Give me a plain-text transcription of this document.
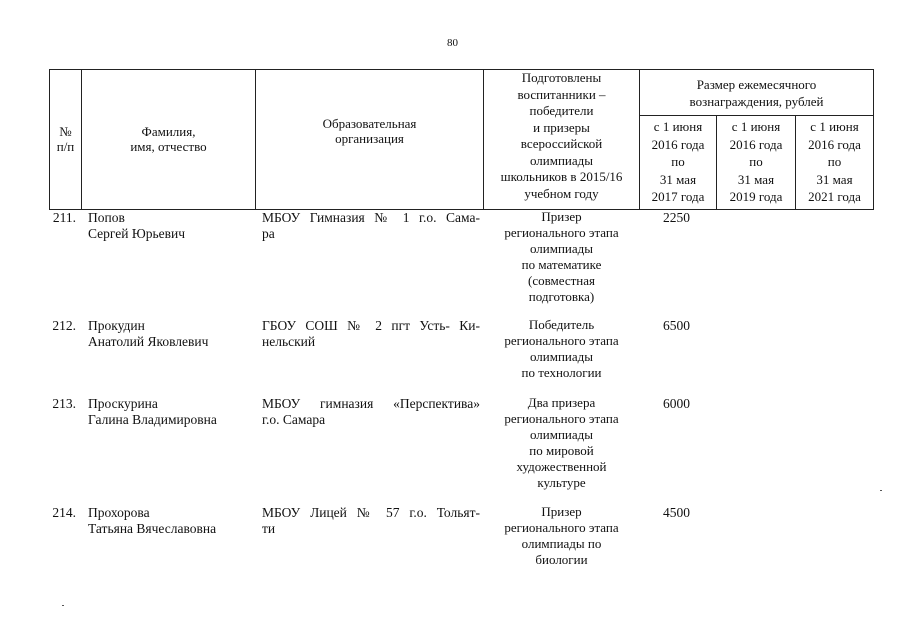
80
№
п/п
Фамилия,
имя, отчество
Образовательная
организация
Подготовлены
воспитанники –
победители
и призеры
всероссийской
олимпиады
школьников в 2015/16
учебном году
Размер ежемесячного
вознаграждения, рублей
с 1 июня
2016 года
по
31 мая
2017 года
с 1 июня
2016 года
по
31 мая
2019 года
с 1 июня
2016 года
по
31 мая
2021 года
211. Попов
Сергей Юрьевич
МБОУ Гимназия № 1 г.о. Сама-
ра
Призер
регионального этапа
олимпиады
по математике
(совместная
подготовка)
2250
212. Прокудин
Анатолий Яковлевич
ГБОУ СОШ № 2 пгт Усть- Ки-
нельский
Победитель
регионального этапа
олимпиады
по технологии
6500
213. Проскурина
Галина Владимировна
МБОУ гимназия «Перспектива»
г.о. Самара
Два призера
регионального этапа
олимпиады
по мировой
художественной
культуре
6000
214. Прохорова
Татьяна Вячеславовна
МБОУ Лицей № 57 г.о. Тольят-
ти
Призер
регионального этапа
олимпиады по
биологии
4500
